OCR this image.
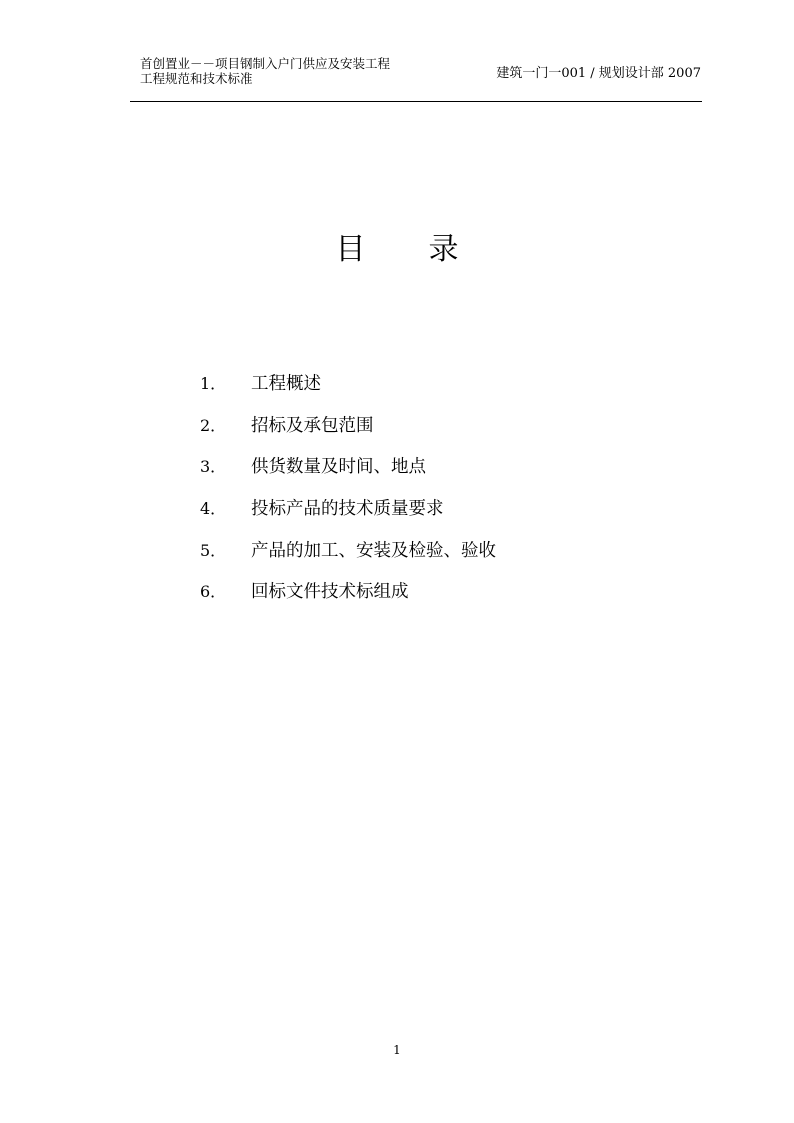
首创置业－－项目钢制入户门供应及安装工程
工程规范和技术标准	建筑一门一001 / 规划设计部 2007
目 录
1．	工程概述
2．	招标及承包范围
3．	供货数量及时间、地点
4．	投标产品的技术质量要求
5．	产品的加工、安装及检验、验收
6．	回标文件技术标组成
1
